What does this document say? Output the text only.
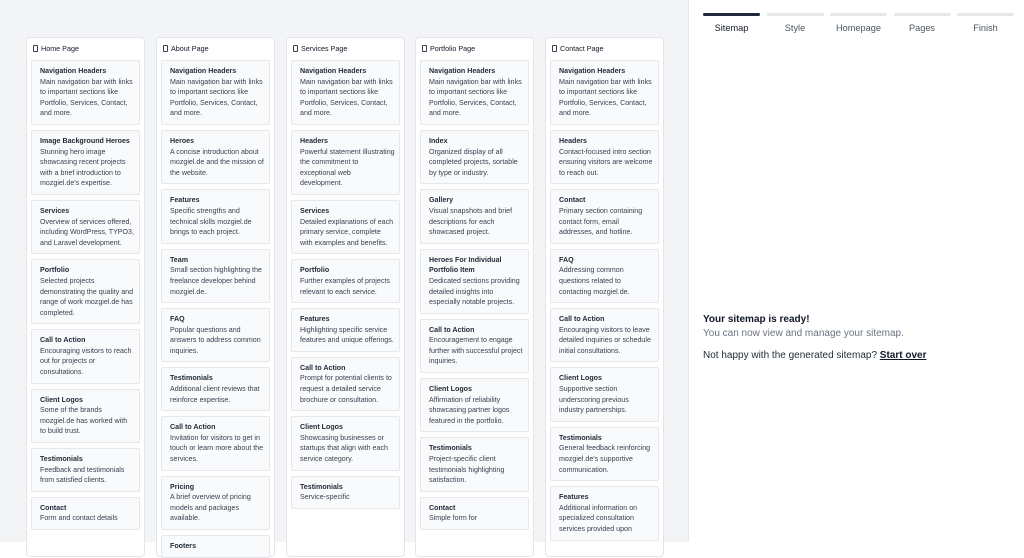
Home Page
Navigation Headers
Main navigation bar with links to important sections like Portfolio, Services, Contact, and more.
Image Background Heroes
Stunning hero image showcasing recent projects with a brief introduction to mozgiel.de's expertise.
Services
Overview of services offered, including WordPress, TYPO3, and Laravel development.
Portfolio
Selected projects demonstrating the quality and range of work mozgiel.de has completed.
Call to Action
Encouraging visitors to reach out for projects or consultations.
Client Logos
Some of the brands mozgiel.de has worked with to build trust.
Testimonials
Feedback and testimonials from satisfied clients.
Contact
Form and contact details
About Page
Navigation Headers
Main navigation bar with links to important sections like Portfolio, Services, Contact, and more.
Heroes
A concise introduction about mozgiel.de and the mission of the website.
Features
Specific strengths and technical skills mozgiel.de brings to each project.
Team
Small section highlighting the freelance developer behind mozgiel.de.
FAQ
Popular questions and answers to address common inquiries.
Testimonials
Additional client reviews that reinforce expertise.
Call to Action
Invitation for visitors to get in touch or learn more about the services.
Pricing
A brief overview of pricing models and packages available.
Footers
Services Page
Navigation Headers
Main navigation bar with links to important sections like Portfolio, Services, Contact, and more.
Headers
Powerful statement illustrating the commitment to exceptional web development.
Services
Detailed explanations of each primary service, complete with examples and benefits.
Portfolio
Further examples of projects relevant to each service.
Features
Highlighting specific service features and unique offerings.
Call to Action
Prompt for potential clients to request a detailed service brochure or consultation.
Client Logos
Showcasing businesses or startups that align with each service category.
Testimonials
Service-specific
Portfolio Page
Navigation Headers
Main navigation bar with links to important sections like Portfolio, Services, Contact, and more.
Index
Organized display of all completed projects, sortable by type or industry.
Gallery
Visual snapshots and brief descriptions for each showcased project.
Heroes For Individual Portfolio Item
Dedicated sections providing detailed insights into especially notable projects.
Call to Action
Encouragement to engage further with successful project inquiries.
Client Logos
Affirmation of reliability showcasing partner logos featured in the portfolio.
Testimonials
Project-specific client testimonials highlighting satisfaction.
Contact
Simple form for
Contact Page
Navigation Headers
Main navigation bar with links to important sections like Portfolio, Services, Contact, and more.
Headers
Contact-focused intro section ensuring visitors are welcome to reach out.
Contact
Primary section containing contact form, email addresses, and hotline.
FAQ
Addressing common questions related to contacting mozgiel.de.
Call to Action
Encouraging visitors to leave detailed inquiries or schedule initial consultations.
Client Logos
Supportive section underscoring previous industry partnerships.
Testimonials
General feedback reinforcing mozgiel.de's supportive communication.
Features
Additional information on specialized consultation services provided upon
Sitemap	Style	Homepage	Pages	Finish
Your sitemap is ready!
You can now view and manage your sitemap.
Not happy with the generated sitemap? Start over
